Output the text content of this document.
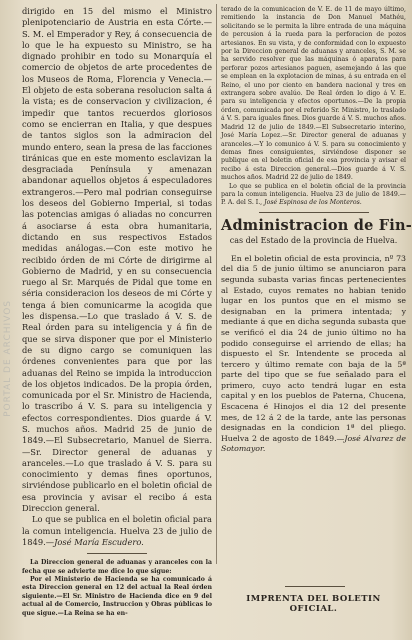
PORTAL DE ARCHIVOS

dirigido en 15 del mismo el Ministro plenipotenciario de Austria en esta Córte.—S. M. el Emperador y Rey, á consecuencia de lo que le ha expuesto su Ministro, se ha dignado prohibir en todo su Monarquía el comercio de objetos de arte procedentes de los Museos de Roma, Florencia y Venecia.—El objeto de esta soberana resolucion salta á la vista; es de conservacion y civilizacion, é impedir que tantos recuerdos gloriosos como se encierran en Italia, y que despues de tantos siglos son la admiracion del mundo entero, sean la presa de las facciones tiránicas que en este momento esclavizan la desgraciada Península y amenazan abandonar aquellos objetos á especuladores extrangeros.—Pero mal podrian conseguirse los deseos del Gobierno Imperial, si todas las potencias amigas ó aliadas no concurren á asociarse á esta obra humanitaria, dictando en sus respectivos Estados medidas análogas.—Con este motivo he recibido órden de mi Córte de dirigirme al Gobierno de Madrid, y en su consecuencia ruego al Sr. Marqués de Pidal que tome en séria consideracion los deseos de mi Córte y tenga á bien comunicarme la acogida que les dispensa.—Lo que traslado á V. S. de Real órden para su inteligencia y á fin de que se sirva disponer que por el Ministerio de su digno cargo se comuniquen las órdenes convenientes para que por las aduanas del Reino se impida la introduccion de los objetos indicados. De la propia órden, comunicada por el Sr. Ministro de Hacienda, lo trascribo á V. S. para su inteligencia y efectos correspondientes. Dios guarde á V. S. muchos años. Madrid 25 de junio de 1849.—El Subsecretario, Manuel de Sierra.—Sr. Director general de aduanas y aranceles.—Lo que traslado á V. S. para su conocimiento y demas fines oportunos, sirviéndose publicarlo en el boletin oficial de esa provincia y avisar el recibo á esta Direccion general.

Lo que se publica en el boletin oficial para la comun inteligencia. Huelva 23 de julio de 1849.—José María Escudero.

La Direccion general de aduanas y aranceles con la fecha que se advierte me dice lo que sigue:

Por el Ministerio de Hacienda se ha comunicado á esta Direccion general en 12 del actual la Real órden siguiente.—El Sr. Ministro de Hacienda dice en 9 del actual al de Comercio, Instruccion y Obras públicas lo que sigue.—La Reina se ha en-

terado de la comunicacion de V. E. de 11 de mayo último, remitiendo la instancia de Don Manuel Mathéu, solicitando se le permita la libre entrada de una máquina de percusion á la rueda para la perforacion de pozos artesianos. En su vista, y de conformidad con lo expuesto por la Direccion general de aduanas y aranceles, S. M. se ha servido resolver que las máquinas ó aparatos para perforar pozos artesianos paguen, asemejando á las que se emplean en la explotacion de minas, á su entrada en el Reino, el uno por ciento en bandera nacional y tres en extrangera sobre avalúo. De Real órden lo digo á V. E. para su inteligencia y efectos oportunos.—De la propia órden, comunicada por el referido Sr. Ministro, lo traslado á V. S. para iguales fines. Dios guarde á V. S. muchos años. Madrid 12 de julio de 1849.—El Subsecretario interino, José María Lopez.—Sr. Director general de aduanas y aranceles.—Y lo comunico á V. S. para su conocimiento y demas fines consiguientes, sirviéndose disponer se publique en el boletin oficial de esa provincia y avisar el recibo á esta Direccion general.—Dios guarde á V. S. muchos años. Madrid 22 de julio de 1849.

Lo que se publica en el boletin oficial de la provincia para la comun inteligencia. Huelva 23 de julio de 1849.—P. A. del S. I., José Espinosa de los Monteros.

Administracion de Fin-
cas del Estado de la provincia de Huelva.

En el boletin oficial de esta provincia, nº 73 del dia 5 de junio último se anunciaron para segunda subasta varias fincas pertenecientes al Estado, cuyos remates no habian tenido lugar en los puntos que en el mismo se designaban en la primera intentada; y mediante á que en dicha segunda subasta que se verificó el dia 24 de junio último no ha podido conseguirse el arriendo de ellas; ha dispuesto el Sr. Intendente se proceda al tercero y último remate con baja de la 5ª parte del tipo que se fue señalado para el primero, cuyo acto tendrá lugar en esta capital y en los pueblos de Paterna, Chucena, Escacena é Hinojos el dia 12 del presente mes, de 12 á 2 de la tarde, ante las personas designadas en la condicion 1ª del pliego. Huelva 2 de agosto de 1849.—José Alvarez de Sotomayor.

IMPRENTA DEL BOLETIN OFICIAL.
